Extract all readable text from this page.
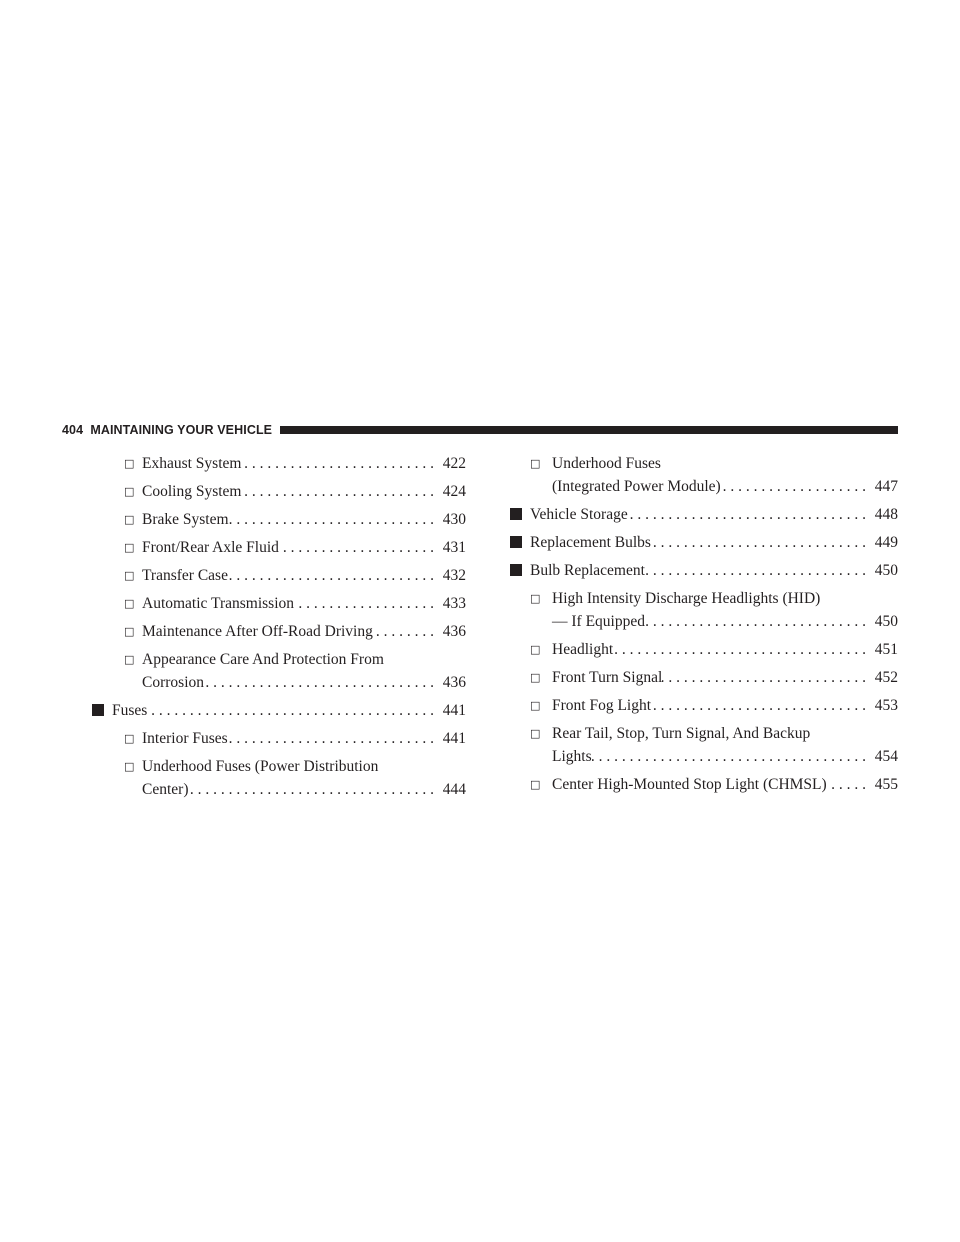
404 MAINTAINING YOUR VEHICLE
□ Exhaust System . . .	422
□ Cooling System . . .	424
□ Brake System . . .	430
□ Front/Rear Axle Fluid . . .	431
□ Transfer Case . . .	432
□ Automatic Transmission . . .	433
□ Maintenance After Off-Road Driving . . .	436
□ Appearance Care And Protection From
Corrosion . . .	436
Fuses . . .	441
□ Interior Fuses . . .	441
□ Underhood Fuses (Power Distribution
Center) . . .	444
□ Underhood Fuses
(Integrated Power Module) . . .	447
Vehicle Storage . . .	448
Replacement Bulbs . . .	449
Bulb Replacement . . .	450
□ High Intensity Discharge Headlights (HID)
— If Equipped . . .	450
□ Headlight . . .	451
□ Front Turn Signal . . .	452
□ Front Fog Light . . .	453
□ Rear Tail, Stop, Turn Signal, And Backup
Lights . . .	454
□ Center High-Mounted Stop Light (CHMSL) . . .	455
